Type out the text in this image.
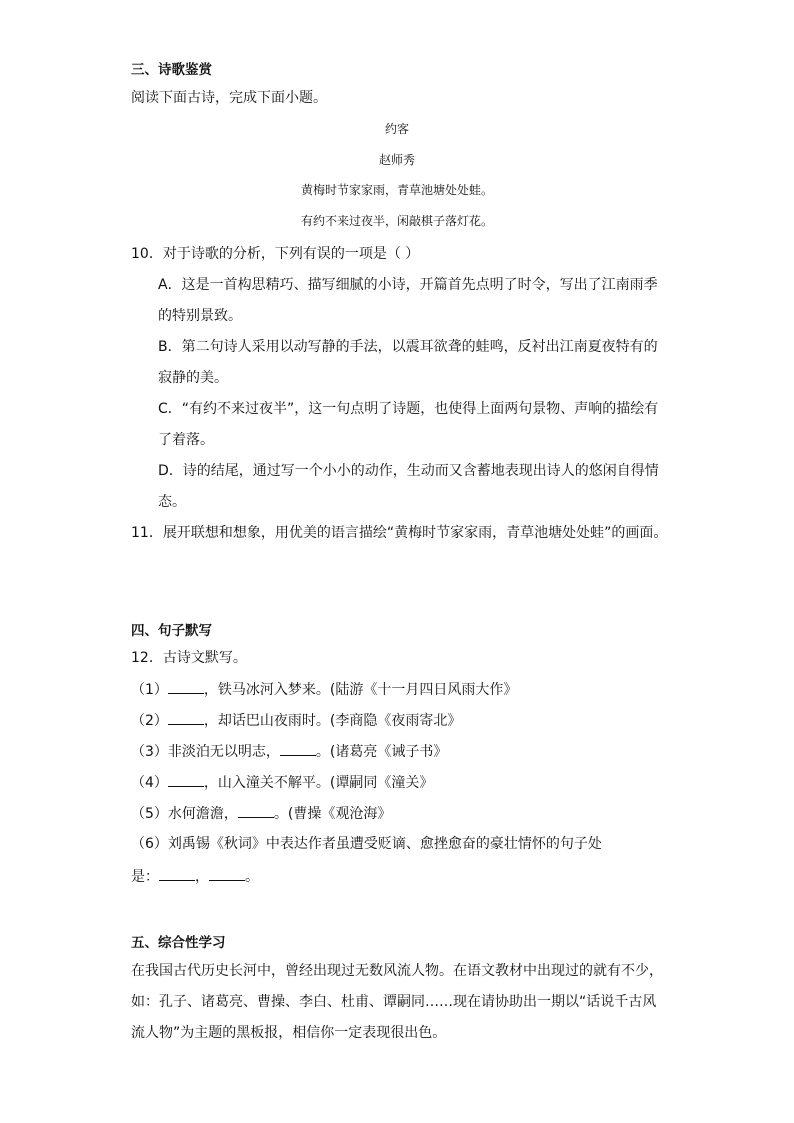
三、诗歌鉴赏
阅读下面古诗，完成下面小题。
约客
赵师秀
黄梅时节家家雨，青草池塘处处蛙。
有约不来过夜半，闲敲棋子落灯花。
10．对于诗歌的分析，下列有误的一项是（ ）
A．这是一首构思精巧、描写细腻的小诗，开篇首先点明了时令，写出了江南雨季
的特别景致。
B．第二句诗人采用以动写静的手法，以震耳欲聋的蛙鸣，反衬出江南夏夜特有的
寂静的美。
C．“有约不来过夜半”，这一句点明了诗题，也使得上面两句景物、声响的描绘有
了着落。
D．诗的结尾，通过写一个小小的动作，生动而又含蓄地表现出诗人的悠闲自得情
态。
11．展开联想和想象，用优美的语言描绘“黄梅时节家家雨，青草池塘处处蛙”的画面。
四、句子默写
12．古诗文默写。
（1）	，铁马冰河入梦来。(陆游《十一月四日风雨大作》
（2）	，却话巴山夜雨时。(李商隐《夜雨寄北》
（3）非淡泊无以明志，	。(诸葛亮《诫子书》
（4）	，山入潼关不解平。(谭嗣同《潼关》
（5）水何澹澹，	。(曹操《观沧海》
（6）刘禹锡《秋词》中表达作者虽遭受贬谪、愈挫愈奋的豪壮情怀的句子处
是：	，	。
五、综合性学习
在我国古代历史长河中，曾经出现过无数风流人物。在语文教材中出现过的就有不少，
如：孔子、诸葛亮、曹操、李白、杜甫、谭嗣同……现在请协助出一期以“话说千古风
流人物”为主题的黑板报，相信你一定表现很出色。
